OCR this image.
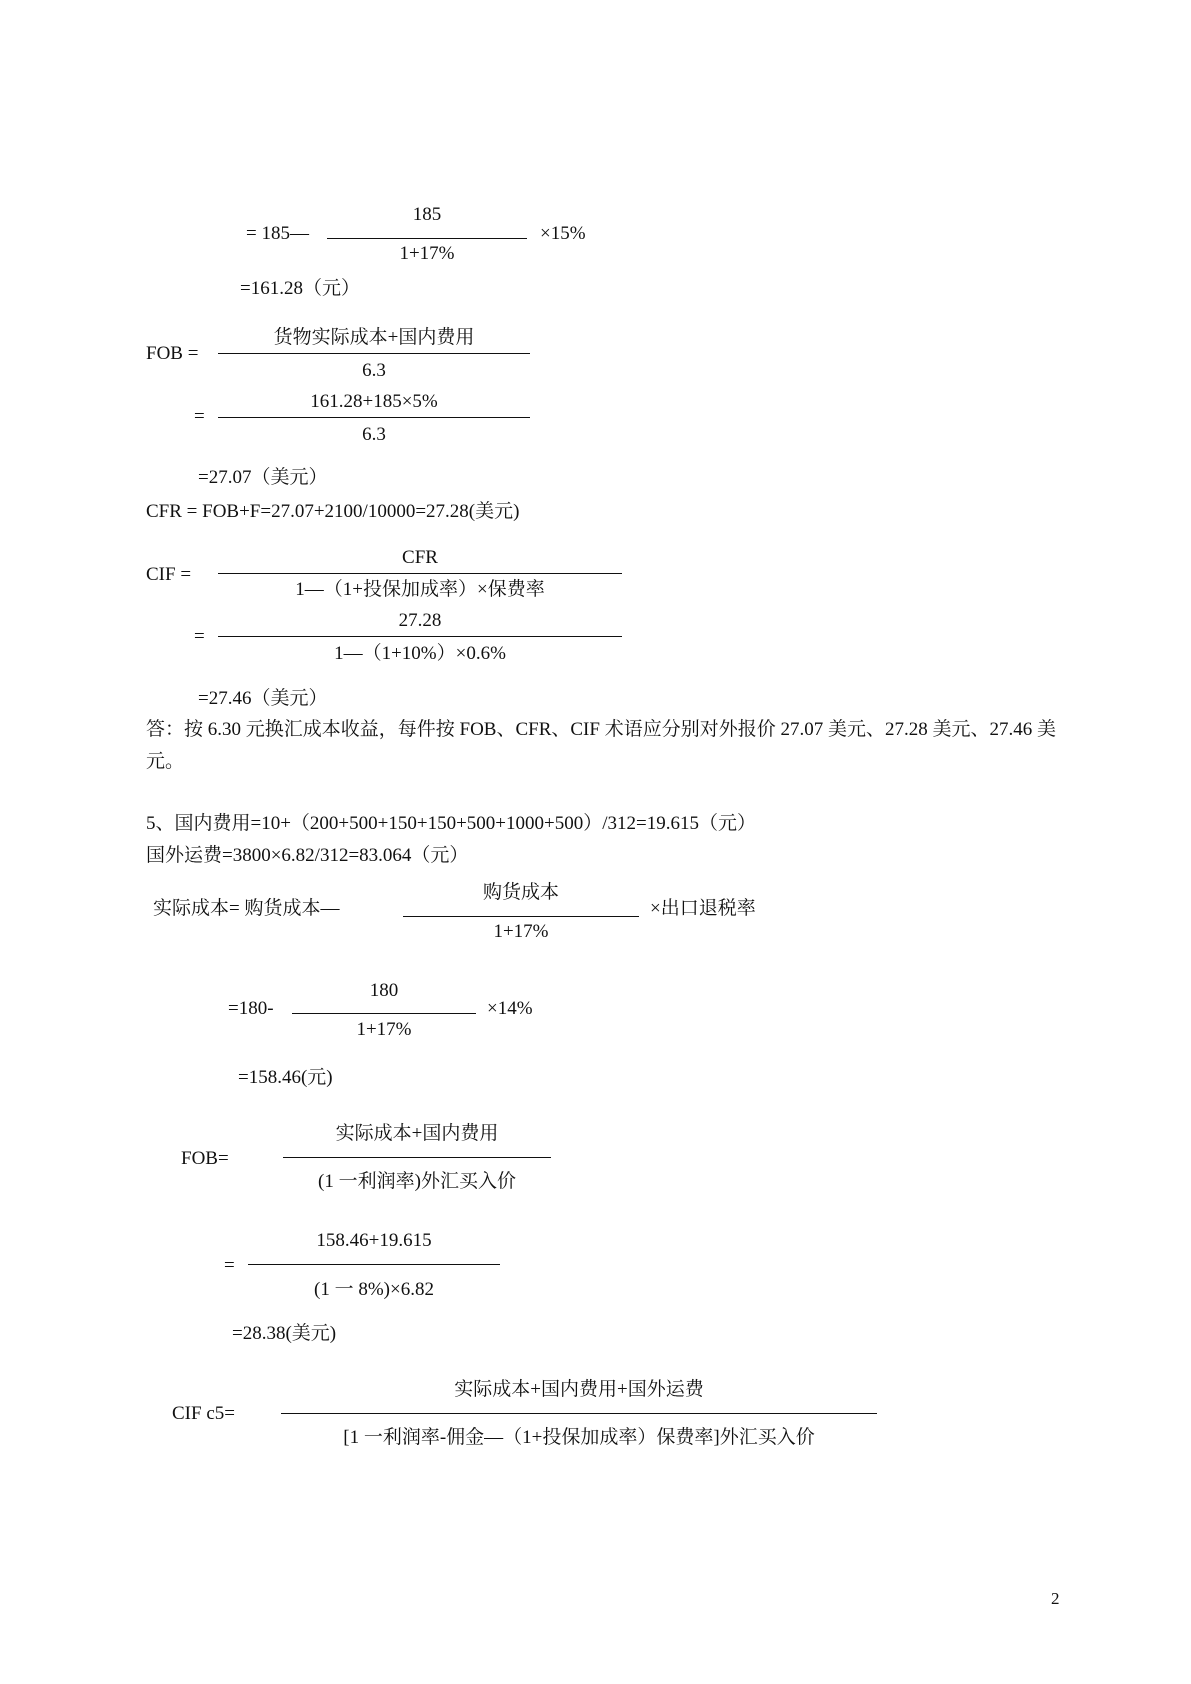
= 185—
185
1+17%
×15%
=161.28（元）
FOB =
货物实际成本+国内费用
6.3
=
161.28+185×5%
6.3
=27.07（美元）
CFR = FOB+F=27.07+2100/10000=27.28(美元)
CIF =
CFR
1—（1+投保加成率）×保费率
=
27.28
1—（1+10%）×0.6%
=27.46（美元）
答：按 6.30 元换汇成本收益，每件按 FOB、CFR、CIF 术语应分别对外报价 27.07 美元、27.28 美元、27.46 美元。
5、国内费用=10+（200+500+150+150+500+1000+500）/312=19.615（元）
国外运费=3800×6.82/312=83.064（元）
实际成本= 购货成本—
购货成本
1+17%
×出口退税率
=180-
180
1+17%
×14%
=158.46(元)
FOB=
实际成本+国内费用
(1 一利润率)外汇买入价
=
158.46+19.615
(1 一 8%)×6.82
=28.38(美元)
CIF c5=
实际成本+国内费用+国外运费
[1 一利润率-佣金—（1+投保加成率）保费率]外汇买入价
2
